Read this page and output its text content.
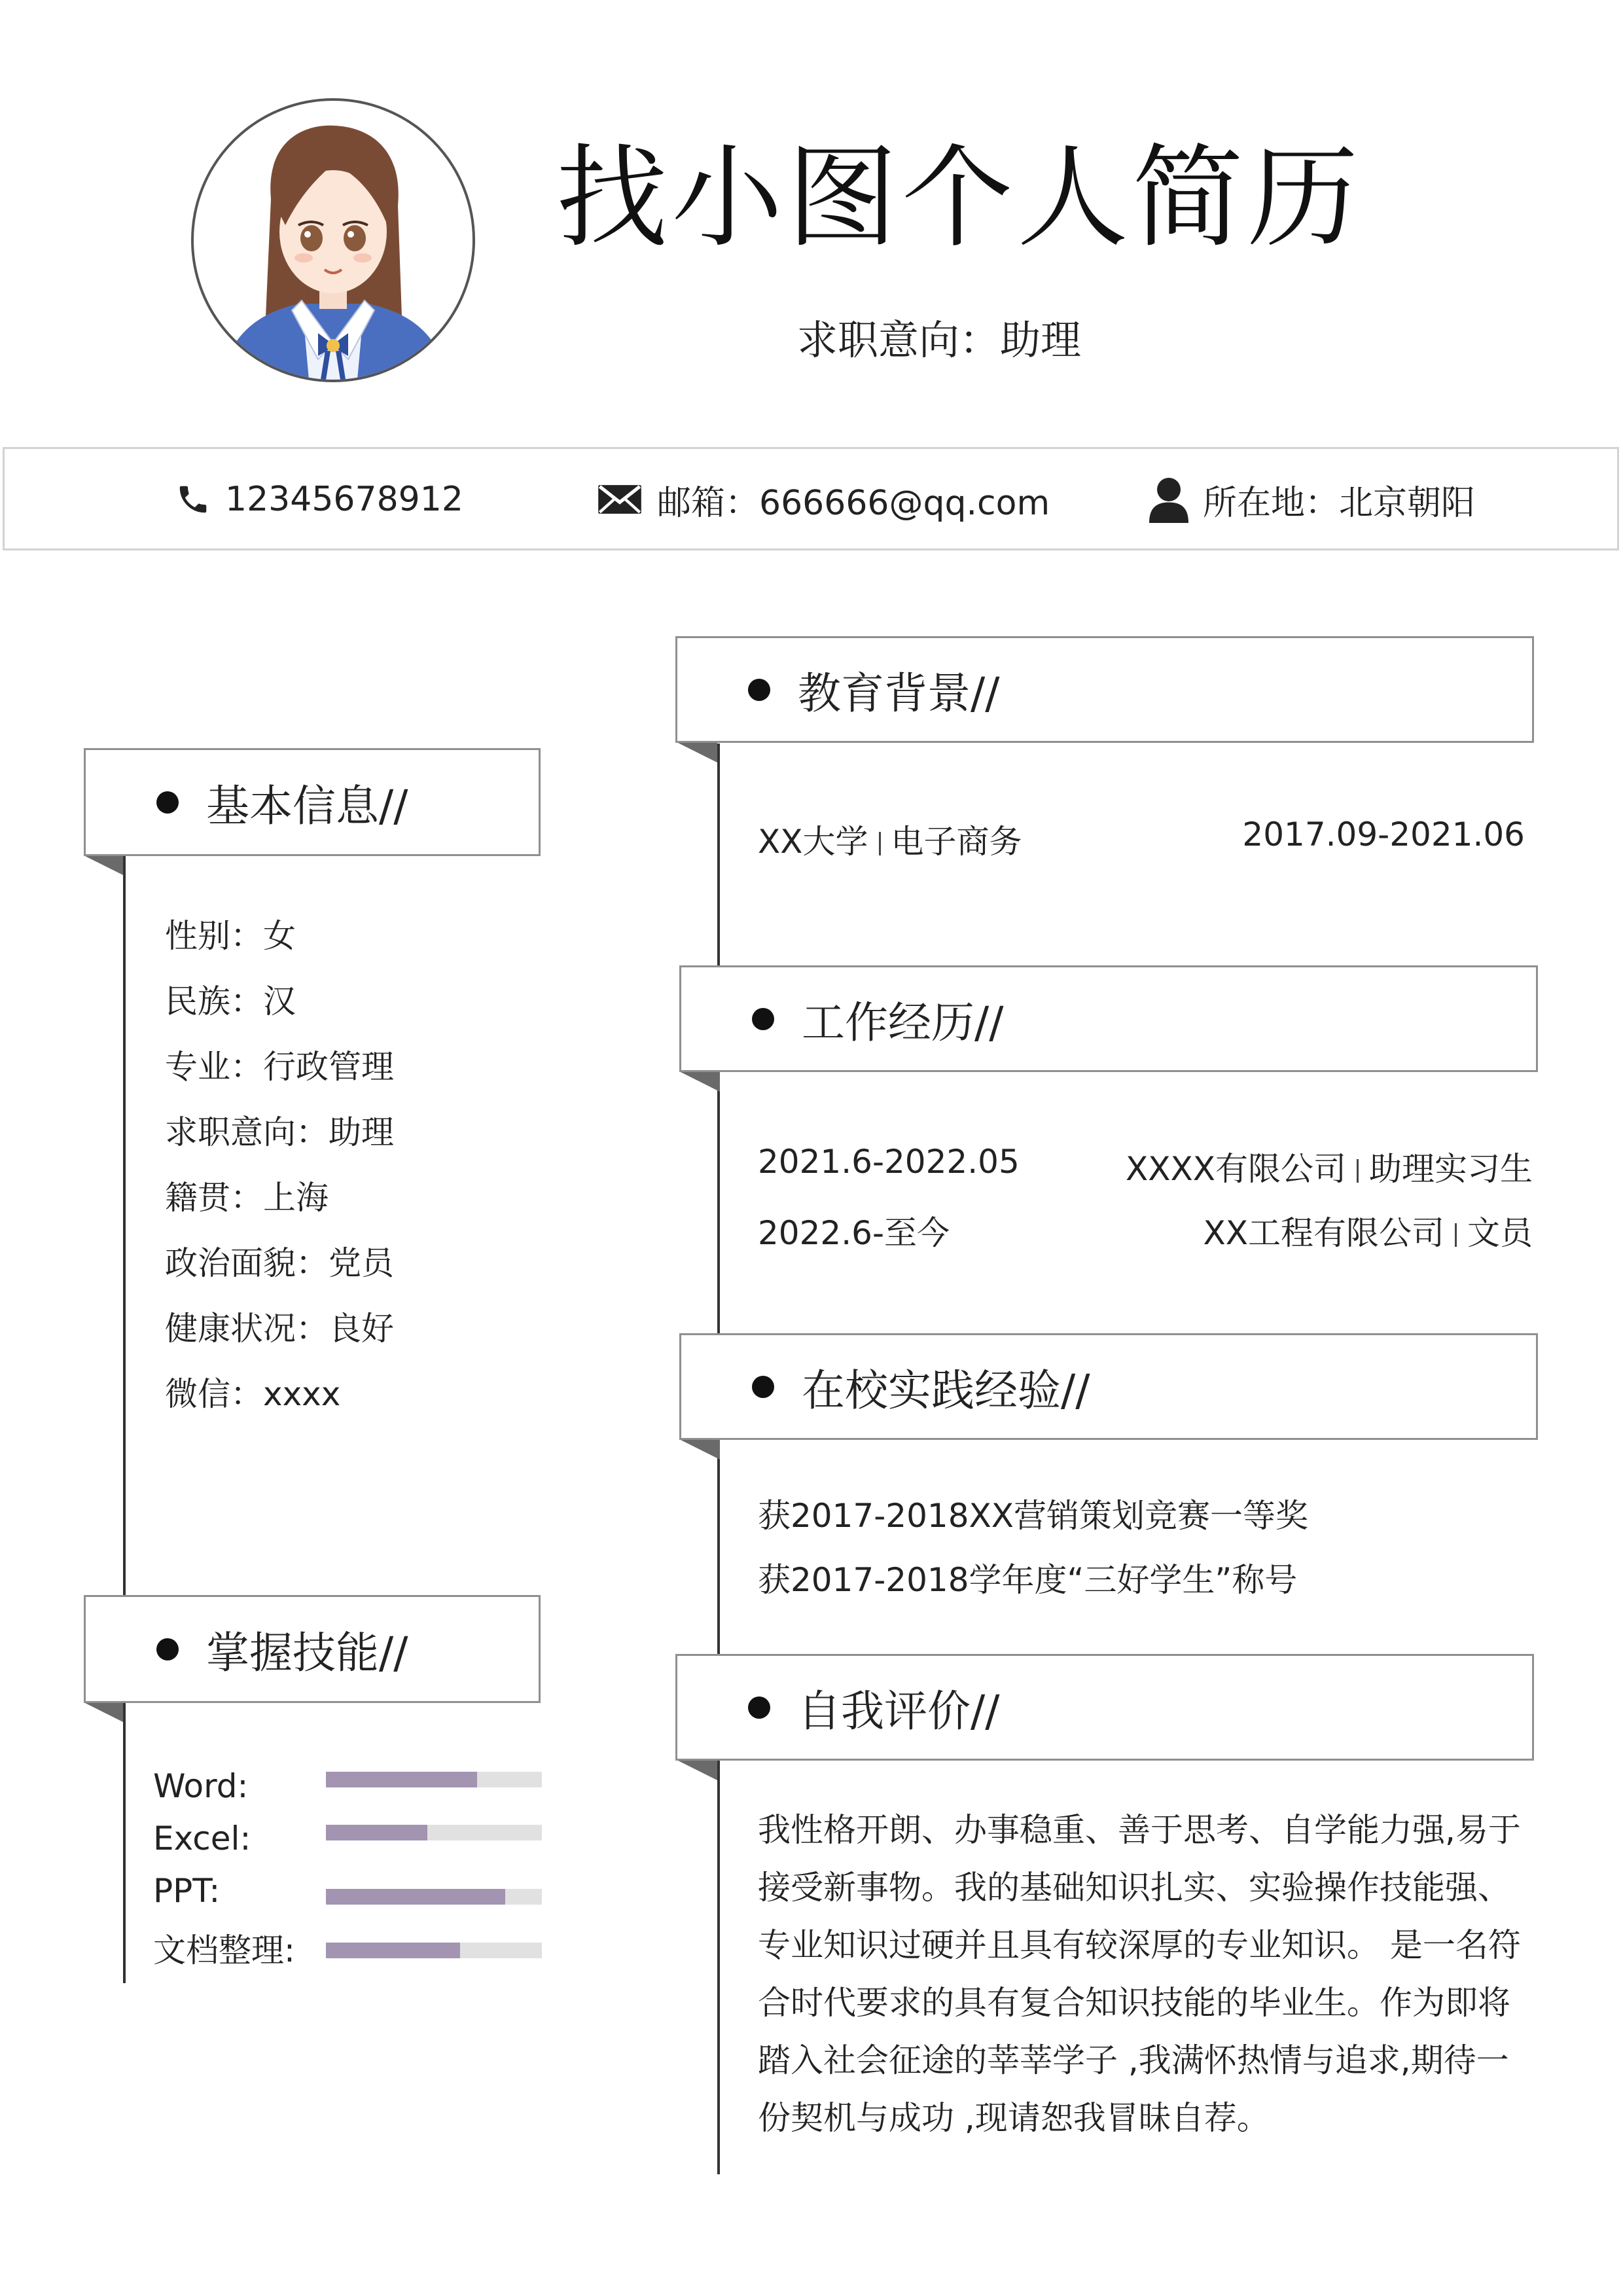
找小图个人简历
求职意向：助理
12345678912	邮箱：666666@qq.com	所在地：北京朝阳
基本信息//
性别：女
民族：汉
专业：行政管理
求职意向：助理
籍贯：上海
政治面貌：党员
健康状况：良好
微信：xxxx
掌握技能//
Word:
Excel:
PPT:
文档整理:
教育背景//
XX大学 电子商务	2017.09-2021.06
工作经历//
2021.6-2022.05	XXXX有限公司 助理实习生
2022.6-至今	XX工程有限公司 文员
在校实践经验//
获2017-2018XX营销策划竞赛一等奖
获2017-2018学年度“三好学生”称号
自我评价//
我性格开朗、办事稳重、善于思考、自学能力强,易于
接受新事物。我的基础知识扎实、实验操作技能强、
专业知识过硬并且具有较深厚的专业知识。 是一名符
合时代要求的具有复合知识技能的毕业生。作为即将
踏入社会征途的莘莘学子 ,我满怀热情与追求,期待一
份契机与成功 ,现请恕我冒昧自荐。
